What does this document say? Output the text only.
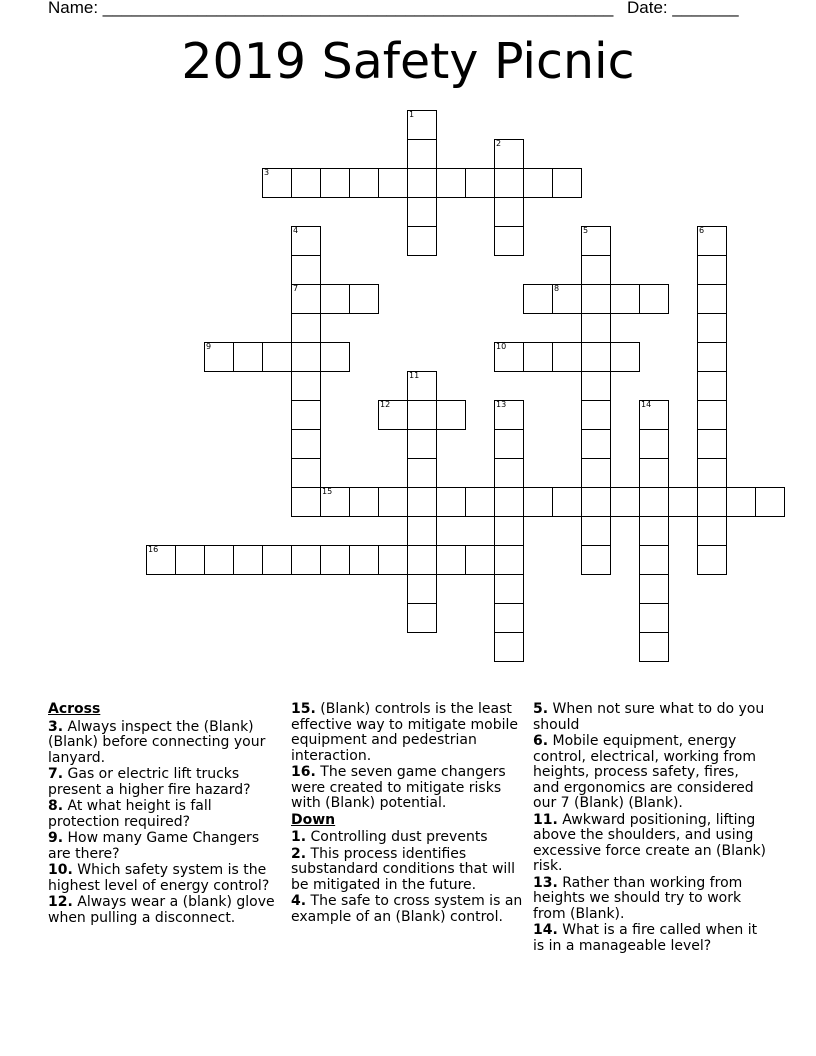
Name: ______________________________________________________ Date: _______
2019 Safety Picnic
1
2
3
4
7
5	6
8
9	10
11
12	13	14
15
16
Across
3. Always inspect the (Blank) (Blank) before connecting your lanyard.
7. Gas or electric lift trucks present a higher fire hazard?
8. At what height is fall protection required?
9. How many Game Changers are there?
10. Which safety system is the highest level of energy control?
12. Always wear a (blank) glove when pulling a disconnect.
15. (Blank) controls is the least effective way to mitigate mobile equipment and pedestrian interaction.
16. The seven game changers were created to mitigate risks with (Blank) potential.
Down
1. Controlling dust prevents
2. This process identifies substandard conditions that will be mitigated in the future.
4. The safe to cross system is an example of an (Blank) control.
5. When not sure what to do you should
6. Mobile equipment, energy control, electrical, working from heights, process safety, fires, and ergonomics are considered our 7 (Blank) (Blank).
11. Awkward positioning, lifting above the shoulders, and using excessive force create an (Blank) risk.
13. Rather than working from heights we should try to work from (Blank).
14. What is a fire called when it is in a manageable level?
